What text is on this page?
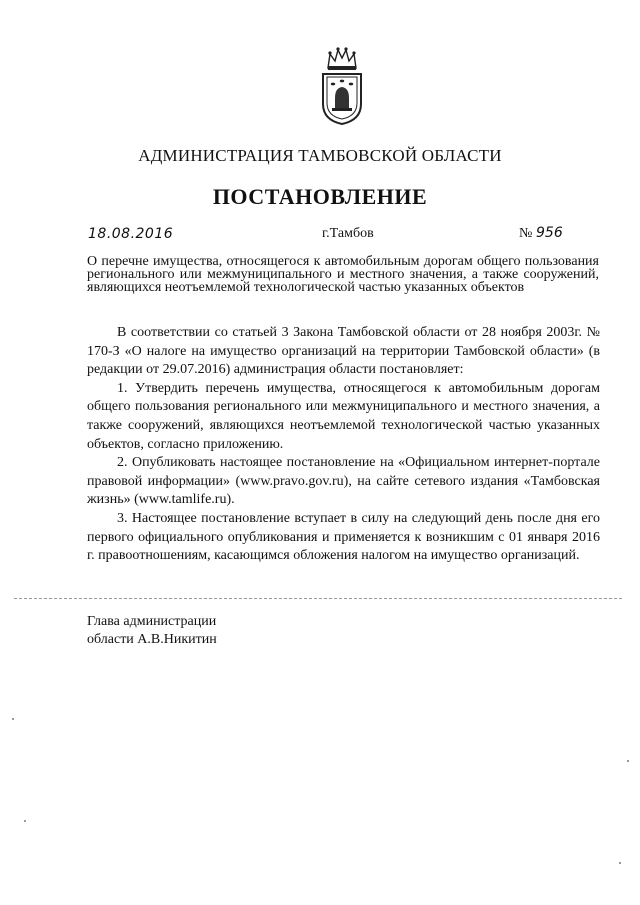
АДМИНИСТРАЦИЯ ТАМБОВСКОЙ ОБЛАСТИ
ПОСТАНОВЛЕНИЕ
18.08.2016	г.Тамбов	№ 956
О перечне имущества, относящегося к автомобильным дорогам общего пользования регионального или межмуниципального и местного значения, а также сооружений, являющихся неотъемлемой технологической частью указанных объектов

В соответствии со статьей 3 Закона Тамбовской области от 28 ноября 2003г. № 170-З «О налоге на имущество организаций на территории Тамбовской области» (в редакции от 29.07.2016) администрация области постановляет:

1. Утвердить перечень имущества, относящегося к автомобильным дорогам общего пользования регионального или межмуниципального и местного значения, а также сооружений, являющихся неотъемлемой технологической частью указанных объектов, согласно приложению.

2. Опубликовать настоящее постановление на «Официальном интернет-портале правовой информации» (www.pravo.gov.ru), на сайте сетевого издания «Тамбовская жизнь» (www.tamlife.ru).

3. Настоящее постановление вступает в силу на следующий день после дня его первого официального опубликования и применяется к возникшим с 01 января 2016 г. правоотношениям, касающимся обложения налогом на имущество организаций.

Глава администрации
области А.В.Никитин
